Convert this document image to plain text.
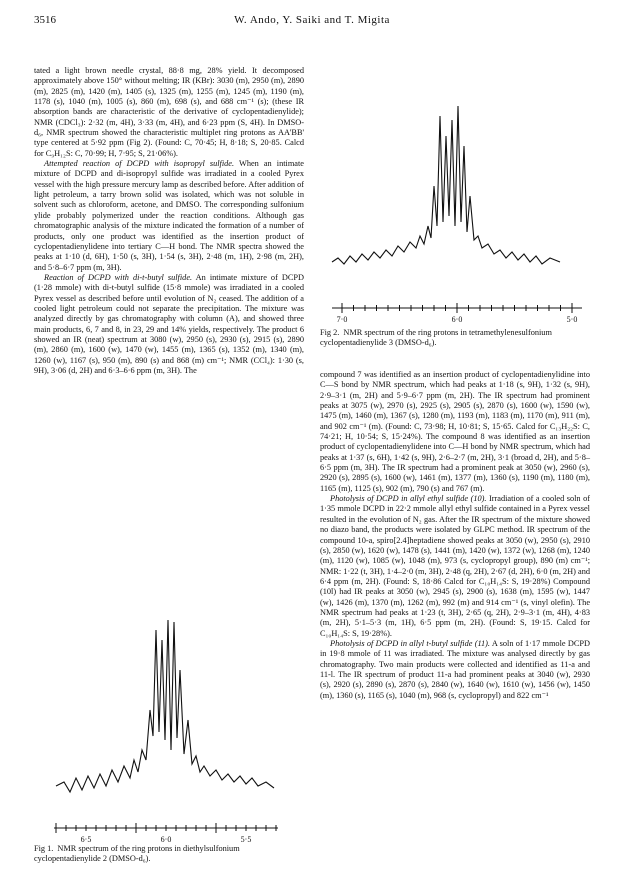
3516	W. Ando, Y. Saiki and T. Migita

tated a light brown needle crystal, 88·8 mg, 28% yield. It decomposed approximately above 150° without melting; IR (KBr): 3030 (m), 2950 (m), 2890 (m), 2825 (m), 1420 (m), 1405 (s), 1325 (m), 1255 (m), 1245 (m), 1190 (m), 1178 (s), 1040 (m), 1005 (s), 860 (m), 698 (s), and 688 cm⁻¹ (s); (these IR absorption bands are characteristic of the derivative of cyclopentadienylide); NMR (CDCl₃): 2·32 (m, 4H), 3·33 (m, 4H), and 6·23 ppm (S, 4H). In DMSO-d₆, NMR spectrum showed the characteristic multiplet ring protons as AA'BB' type centered at 5·92 ppm (Fig 2). (Found: C, 70·45; H, 8·18; S, 20·85. Calcd for C₉H₁₂S: C, 70·99; H, 7·95; S, 21·06%).

Attempted reaction of DCPD with isopropyl sulfide. When an intimate mixture of DCPD and di-isopropyl sulfide was irradiated in a cooled Pyrex vessel with the high pressure mercury lamp as described before. After addition of light petroleum, a tarry brown solid was isolated, which was not soluble in solvent such as chloroform, acetone, and DMSO. The corresponding sulfonium ylide probably polymerized under the reaction conditions. Although gas chromatographic analysis of the mixture indicated the formation of a number of products, only one product was identified as the insertion product of cyclopentadienylidene into tertiary C—H bond. The NMR spectra showed the peaks at 1·10 (d, 6H), 1·50 (s, 3H), 1·54 (s, 3H), 2·48 (m, 1H), 2·98 (m, 2H), and 5·8–6·7 ppm (m, 3H).

Reaction of DCPD with di-t-butyl sulfide. An intimate mixture of DCPD (1·28 mmole) with di-t-butyl sulfide (15·8 mmole) was irradiated in a cooled Pyrex vessel as described before until evolution of N₂ ceased. The addition of a cooled light petroleum could not separate the precipitation. The mixture was analyzed directly by gas chromatography with column (A), and showed three main products, 6, 7 and 8, in 23, 29 and 14% yields, respectively. The product 6 showed an IR (neat) spectrum at 3080 (w), 2950 (s), 2930 (s), 2915 (s), 2890 (m), 2860 (m), 1600 (w), 1470 (w), 1455 (m), 1365 (s), 1352 (m), 1340 (m), 1260 (w), 1167 (s), 950 (m), 890 (s) and 868 (m) cm⁻¹; NMR (CCl₄): 1·30 (s, 9H), 3·06 (d, 2H) and 6·3–6·6 ppm (m, 3H). The

6·5	6·0	5·5
Fig 1. NMR spectrum of the ring protons in diethylsulfonium cyclopentadienylide 2 (DMSO-d₆).
7·0	6·0	5·0
Fig 2. NMR spectrum of the ring protons in tetramethylenesulfonium cyclopentadienylide 3 (DMSO-d₆).

compound 7 was identified as an insertion product of cyclopentadienylidine into C—S bond by NMR spectrum, which had peaks at 1·18 (s, 9H), 1·32 (s, 9H), 2·9–3·1 (m, 2H) and 5·9–6·7 ppm (m, 2H). The IR spectrum had prominent peaks at 3075 (w), 2970 (s), 2925 (s), 2905 (s), 2870 (s), 1600 (w), 1590 (w), 1475 (m), 1460 (m), 1367 (s), 1280 (m), 1193 (m), 1183 (m), 1170 (m), 911 (m), and 902 cm⁻¹ (m). (Found: C, 73·98; H, 10·81; S, 15·65. Calcd for C₁₃H₂₂S: C, 74·21; H, 10·54; S, 15·24%). The compound 8 was identified as an insertion product of cyclopentadienylidene into C—H bond by NMR spectrum, which had peaks at 1·37 (s, 6H), 1·42 (s, 9H), 2·6–2·7 (m, 2H), 3·1 (broad d, 2H), and 5·8–6·5 ppm (m, 3H). The IR spectrum had a prominent peak at 3050 (w), 2960 (s), 2920 (s), 2895 (s), 1600 (w), 1461 (m), 1377 (m), 1360 (s), 1190 (m), 1180 (m), 1165 (m), 1125 (s), 902 (m), 790 (s) and 767 (m).

Photolysis of DCPD in allyl ethyl sulfide (10). Irradiation of a cooled soln of 1·35 mmole DCPD in 22·2 mmole allyl ethyl sulfide contained in a Pyrex vessel resulted in the evolution of N₂ gas. After the IR spectrum of the mixture showed no diazo band, the products were isolated by GLPC method. IR spectrum of the compound 10-a, spiro[2.4]heptadiene showed peaks at 3050 (w), 2950 (s), 2910 (s), 2850 (w), 1620 (w), 1478 (s), 1441 (m), 1420 (w), 1372 (w), 1268 (m), 1240 (m), 1120 (w), 1085 (w), 1048 (m), 973 (s, cyclopropyl group), 890 (m) cm⁻¹; NMR: 1·22 (t, 3H), 1·4–2·0 (m, 3H), 2·48 (q, 2H), 2·67 (d, 2H), 6·0 (m, 2H) and 6·4 ppm (m, 2H). (Found: S, 18·86 Calcd for C₁₀H₁₄S: S, 19·28%) Compound (10l) had IR peaks at 3050 (w), 2945 (s), 2900 (s), 1638 (m), 1595 (w), 1447 (w), 1426 (m), 1370 (m), 1262 (m), 992 (m) and 914 cm⁻¹ (s, vinyl olefin). The NMR spectrum had peaks at 1·23 (t, 3H), 2·65 (q, 2H), 2·9–3·1 (m, 4H), 4·83 (m, 2H), 5·1–5·3 (m, 1H), 6·5 ppm (m, 2H). (Found: S, 19·15. Calcd for C₁₀H₁₄S: S, 19·28%).

Photolysis of DCPD in allyl t-butyl sulfide (11). A soln of 1·17 mmole DCPD in 19·8 mmole of 11 was irradiated. The mixture was analysed directly by gas chromatography. Two main products were collected and identified as 11-a and 11-l. The IR spectrum of product 11-a had prominent peaks at 3040 (w), 2930 (s), 2920 (s), 2890 (s), 2870 (s), 2840 (w), 1640 (w), 1610 (w), 1456 (w), 1450 (m), 1360 (s), 1165 (s), 1040 (m), 968 (s, cyclopropyl) and 822 cm⁻¹
